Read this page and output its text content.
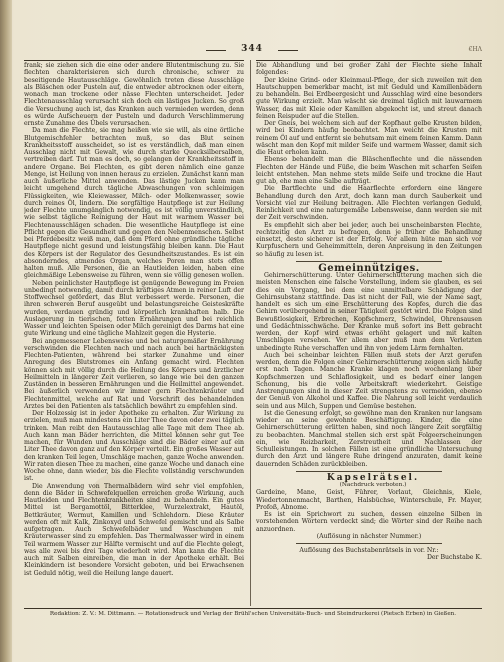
344	€ΗΛ

frank; sie ziehen sich die eine oder andere Blutentmischung zu. Sie flechten charakterisieren sich durch chronische, schwer zu beseitigende Hautausschläge. Gewöhnlich treten diese Ausschläge als Bläschen oder Pusteln auf, die entweder abtrocknen oder eitern, wonach man trockene oder nässe Flechten unterscheidet. Jeder Flechtenausschlag verursacht sich doch ein lästiges Jucken. So groß die Versuchung auch ist, das Kranken auch vermieden werden, denn es würde Aufscheuern der Pusteln und dadurch Verschlimmerung ernste Zunahme des Übels verursachen.

Da man die Flechte, sie mag heißen wie sie will, als eine örtliche Blutgemischfehler betrachten muß, so das Blut seinen Krankheitsstoff ausscheidet, so ist es verständlich, daß man einen Ausschlag nicht mit Gewalt, wie durch starke Quecksilbersalben, vertreiben darf. Tut man es doch, so gelangen der Krankheitsstoff in andere Organe. Bei Flechten, es gibt deren nämlich eine ganze Menge, ist Heilung von innen heraus zu erzielen. Zunächst kann man auch äußerliche Mittel anwenden. Das lästige Jucken kann man leicht umgehend durch tägliche Abwaschungen von schleimigen Flüssigkeiten, wie Kleiewasser, Milch- oder Molkenwasser, sowie durch reines Öl, lindern. Die sorgfältige Hautpflege ist zur Heilung jeder Flechte unumgänglich notwendig, es ist völlig unverständlich, wie selbst tägliche Reinigung der Haut mit warmem Wasser bei Flechtenausschlägen schaden. Die wesentliche Hautpflege ist eine Pflicht gegen die Gesundheit und gegen den Nebenmenschen. Selbst bei Pferdebesitz weiß man, daß dem Pferd ohne gründliche tägliche Hautpflege nicht gesund und leistungsfähig bleiben kann. Die Haut des Körpers ist der Regulator des Gesundheitszustandes. Es ist ein absonderndes, atmendes Organ, welches Poren man stets offen halten muß. Alle Personen, die an Hautleiden leiden, haben eine gleichmäßige Lebensweise zu führen, wenn sie völlig genesen wollen.

Neben peinlichster Hautpflege ist genügende Bewegung im Freien unbedingt notwendig, damit durch kräftiges Atmen in reiner Luft der Stoffwechsel gefördert, das Blut verbessert werde. Personen, die ihren schweren Beruf ausgeübt und belastungsreiche Geisteskräfte wurden, verdauen gründig und körperlich krankhaften halb. Die Auslagerung in tierischen, fetten Ernährungen und bei reichlich Wasser und leichten Speisen oder Milch gereinigt des Darms hat eine gute Wirkung und eine tägliche Mahlzeit gegen die Hysterie.

Bei angemessener Lebensweise und bei naturgemäßer Ernährung verschwinden die Flechten nach und nach auch bei hartnäckigsten Flechten-Patienten, während bei starker Zunahme und einer Anregung des Blutstromes ein Anfang gemacht wird. Flechten können sich mit völlig durch die Heilung des Körpers und ärztlicher Heilmitteln in längerer Zeit verlieren, so lange wie bei den ganzen Zuständen in besseren Ernährungen und die Heilmittel angewendet. Bei äußerlich verwenden wir immer gern Flechtenkräuter und Flechtenmittel, welche auf Rat und Vorschrift des behandelnden Arztes bei den Patienten als tatsächlich bewährt zu empfehlen sind.

Der Holzessig ist in jeder Apotheke zu erhalten. Zur Wirkung zu erzielen, muß man mindestens ein Liter Thee davon oder zwei täglich trinken. Man reibt den Hautausschlag alle Tage mit dem Thee ab. Auch kann man Bäder herrichten, die Mittel können sehr gut Tee machen, für Wunden und Ausschläge sind die Bäder einer auf ein Liter Thee davon ganz auf den Körper verteilt. Ein großes Wasser auf den kranken Teil legen, Umschläge machen, ganze Woche anwenden. Wir raten diesen Thee zu machen, eine ganze Woche und danach eine Woche ohne, dann wieder, bis die Flechte vollständig verschwunden ist.

Die Anwendung von Thermalbädern wird sehr viel empfohlen, denn die Bäder in Schwefelquellen erreichen große Wirkung, auch Hautleiden und Flechtenkrankheiten sind zu behandeln. Ein gutes Mittel ist Bergamottöl, Bitterklee, Wurzelextrakt, Hautöl, Bettkräuter, Wermut, Kamillen und Schlehdorn. Diese Kräuter werden oft mit Kalk, Zinkoxyd und Schwefel gemischt und als Salbe aufgetragen. Auch Schwefelbäder und Waschungen mit Kräuterwasser sind zu empfehlen. Das Thermalwasser wird in einem Teil warmem Wasser zur Hälfte vermischt und auf die Flechte gelegt, was alle zwei bis drei Tage wiederholt wird. Man kann die Flechte auch mit Salben einreiben, die man in der Apotheke erhält. Bei Kleinkindern ist besondere Vorsicht geboten, und bei Erwachsenen ist Geduld nötig, weil die Heilung lange dauert.

Die Abhandlung und bei großer Zahl der Flechte siehe Inhalt folgendes:

Der kleine Grind- oder Kleinmaul-Pflege, der sich zuweilen mit den Hautschuppen bemerkbar macht, ist mit Geduld und Kamillenbädern zu behandeln. Bei Erdbeergesicht und Ausschlag wird eine besonders gute Wirkung erzielt. Man wäscht sie dreimal täglich mit lauwarmem Wasser, das mit Kleie oder Kamillen abgekocht ist, und streut danach feinen Reispuder auf die Stellen.

Der Gneis, bei welchem sich auf der Kopfhaut gelbe Krusten bilden, wird bei Kindern häufig beobachtet. Man weicht die Krusten mit reinem Öl auf und entfernt sie behutsam mit einem feinen Kamm. Dann wäscht man den Kopf mit milder Seife und warmem Wasser, damit sich die Haut erholen kann.

Ebenso behandelt man die Bläschenflechte und die nässenden Flechten der Hände und Füße, die beim Waschen mit scharfen Seifen leicht entstehen. Man nehme stets milde Seife und trockne die Haut gut ab, ehe man eine Salbe aufträgt.

Die Bartflechte und die Haarflechte erfordern eine längere Behandlung durch den Arzt, doch kann man durch Sauberkeit und Vorsicht viel zur Heilung beitragen. Alle Flechten verlangen Geduld, Reinlichkeit und eine naturgemäße Lebensweise, dann werden sie mit der Zeit verschwinden.

Es empfiehlt sich aber bei jeder, auch bei unscheinbarsten Flechte, rechtzeitig den Arzt zu befragen, denn je früher die Behandlung einsetzt, desto sicherer ist der Erfolg. Vor allem hüte man sich vor Kurpfuschern und Geheimmitteln, deren Anpreisung in den Zeitungen so häufig zu lesen ist.

Gemeinnütziges.

Gehirnerschütterung. Unter Gehirnerschütterung machen sich die meisten Menschen eine falsche Vorstellung, indem sie glauben, es sei dies ein Vorgang, bei dem eine unmittelbare Schädigung der Gehirnsubstanz stattfinde. Das ist nicht der Fall, wie der Name sagt, handelt es sich um eine Erschütterung des Kopfes, durch die das Gehirn vorübergehend in seiner Tätigkeit gestört wird. Die Folgen sind Bewußtlosigkeit, Erbrechen, Kopfschmerz, Schwindel, Ohrensausen und Gedächtnisschwäche. Der Kranke muß sofort ins Bett gebracht werden, der Kopf wird etwas erhöht gelagert und mit kalten Umschlägen versehen. Vor allem aber muß man dem Verletzten unbedingte Ruhe verschaffen und ihn von jedem Lärm fernhalten.

Auch bei scheinbar leichten Fällen muß stets der Arzt gerufen werden, denn die Folgen einer Gehirnerschütterung zeigen sich häufig erst nach Tagen. Manche Kranke klagen noch wochenlang über Kopfschmerzen und Schlaflosigkeit, und es bedarf einer langen Schonung, bis die volle Arbeitskraft wiederkehrt. Geistige Anstrengungen sind in dieser Zeit strengstens zu vermeiden, ebenso der Genuß von Alkohol und Kaffee. Die Nahrung soll leicht verdaulich sein und aus Milch, Suppen und Gemüse bestehen.

Ist die Genesung erfolgt, so gewöhne man den Kranken nur langsam wieder an seine gewohnte Beschäftigung. Kinder, die eine Gehirnerschütterung erlitten haben, sind noch längere Zeit sorgfältig zu beobachten. Manchmal stellen sich erst spät Folgeerscheinungen ein, wie Reizbarkeit, Zerstreutheit und Nachlassen der Schulleistungen. In solchen Fällen ist eine gründliche Untersuchung durch den Arzt und längere Ruhe dringend anzuraten, damit keine dauernden Schäden zurückbleiben.

Kapselrätsel.

(Nachdruck verboten.)

Gardeine, Mane, Geist, Führer, Vorlaut, Gleichnis, Kiele, Wiedertonnenmacht, Barthen, Halsbüchse, Winterschule, Fr. Mayer, Profoß, Abnome.

Es ist ein Sprichwort zu suchen, dessen einzelne Silben in vorstehenden Wörtern verdeckt sind; die Wörter sind der Reihe nach anzuordnen.

(Auflösung in nächster Nummer.)

Auflösung des Buchstabenrätsels in vor. Nr.:

Der Buchstabe K.

Redaktion: Z. V.: M. Dittmann. — Rotationsdruck und Verlag der Brühl'schen Universitäts-Buch- und Steindruckerei (Pietsch Erben) in Gießen.
